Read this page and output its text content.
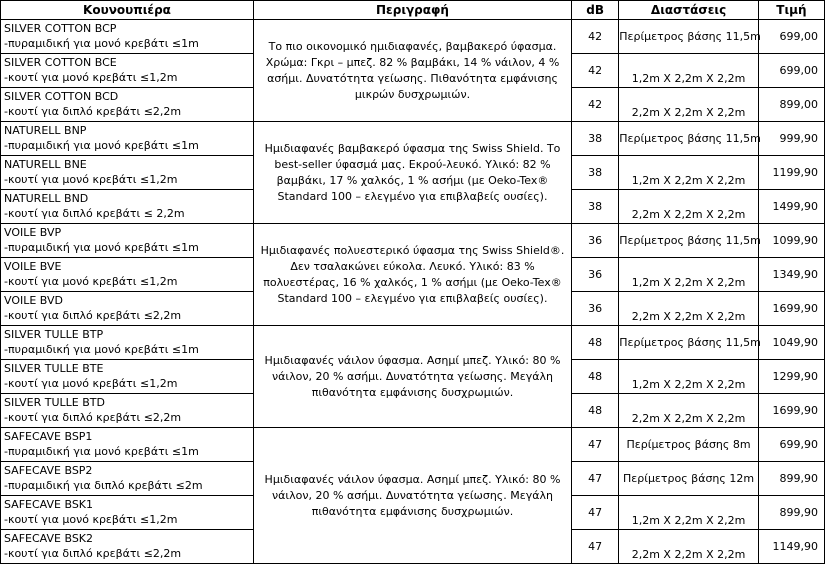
Κουνουπιέρα	Περιγραφή	dB	Διαστάσεις	Τιμή

SILVER COTTON BCP
-πυραμιδική για μονό κρεβάτι ≤1m	Το πιο οικονομικό ημιδιαφανές, βαμβακερό ύφασμα. Χρώμα: Γκρι – μπεζ. 82 % βαμβάκι, 14 % νάιλον, 4 % ασήμι. Δυνατότητα γείωσης. Πιθανότητα εμφάνισης μικρών δυσχρωμιών.	42	Περίμετρος βάσης 11,5m	699,00

SILVER COTTON BCE
-κουτί για μονό κρεβάτι ≤1,2m		42	1,2m X 2,2m X 2,2m	699,00

SILVER COTTON BCD
-κουτί για διπλό κρεβάτι ≤2,2m		42	2,2m X 2,2m X 2,2m	899,00

NATURELL BNP
-πυραμιδική για μονό κρεβάτι ≤1m	Ημιδιαφανές βαμβακερό ύφασμα της Swiss Shield. Το best-seller ύφασμά μας. Εκρού-λευκό. Υλικό: 82 % βαμβάκι, 17 % χαλκός, 1 % ασήμι (με Oeko-Tex® Standard 100 – ελεγμένο για επιβλαβείς ουσίες).	38	Περίμετρος βάσης 11,5m	999,90

NATURELL BNE
-κουτί για μονό κρεβάτι ≤1,2m		38	1,2m X 2,2m X 2,2m	1199,90

NATURELL BND
-κουτί για διπλό κρεβάτι ≤ 2,2m		38	2,2m X 2,2m X 2,2m	1499,90

VOILE BVP
-πυραμιδική για μονό κρεβάτι ≤1m	Ημιδιαφανές πολυεστερικό ύφασμα της Swiss Shield®. Δεν τσαλακώνει εύκολα. Λευκό. Υλικό: 83 % πολυεστέρας, 16 % χαλκός, 1 % ασήμι (με Oeko-Tex® Standard 100 – ελεγμένο για επιβλαβείς ουσίες).	36	Περίμετρος βάσης 11,5m	1099,90

VOILE BVE
-κουτί για μονό κρεβάτι ≤1,2m		36	1,2m X 2,2m X 2,2m	1349,90

VOILE BVD
-κουτί για διπλό κρεβάτι ≤2,2m		36	2,2m X 2,2m X 2,2m	1699,90

SILVER TULLE BTP
-πυραμιδική για μονό κρεβάτι ≤1m	Ημιδιαφανές νάιλον ύφασμα. Ασημί μπεζ. Υλικό: 80 % νάιλον, 20 % ασήμι. Δυνατότητα γείωσης. Μεγάλη πιθανότητα εμφάνισης δυσχρωμιών.	48	Περίμετρος βάσης 11,5m	1049,90

SILVER TULLE BTE
-κουτί για μονό κρεβάτι ≤1,2m		48	1,2m X 2,2m X 2,2m	1299,90

SILVER TULLE BTD
-κουτί για διπλό κρεβάτι ≤2,2m		48	2,2m X 2,2m X 2,2m	1699,90

SAFECAVE BSP1
-πυραμιδική για μονό κρεβάτι ≤1m	Ημιδιαφανές νάιλον ύφασμα. Ασημί μπεζ. Υλικό: 80 % νάιλον, 20 % ασήμι. Δυνατότητα γείωσης. Μεγάλη πιθανότητα εμφάνισης δυσχρωμιών.	47	Περίμετρος βάσης 8m	699,90

SAFECAVE BSP2
-πυραμιδική για διπλό κρεβάτι ≤2m		47	Περίμετρος βάσης 12m	899,90

SAFECAVE BSK1
-κουτί για μονό κρεβάτι ≤1,2m		47	1,2m X 2,2m X 2,2m	899,90

SAFECAVE BSK2
-κουτί για διπλό κρεβάτι ≤2,2m		47	2,2m X 2,2m X 2,2m	1149,90
